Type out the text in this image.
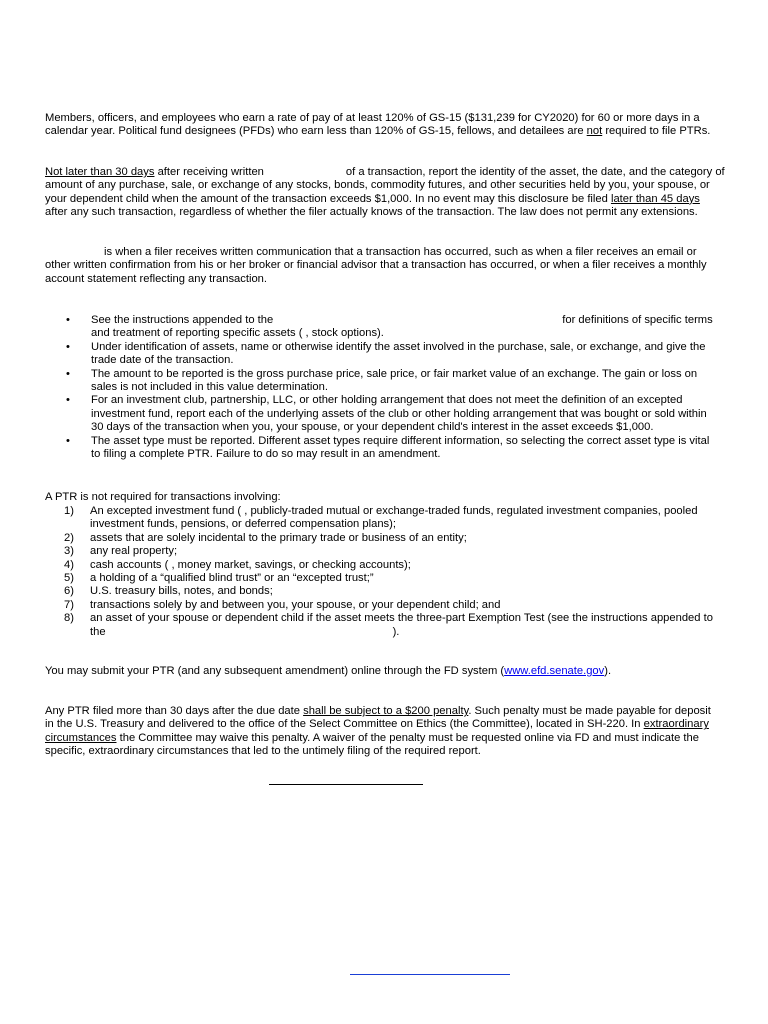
Members, officers, and employees who earn a rate of pay of at least 120% of GS-15 ($131,239 for CY2020) for 60 or more days in a
calendar year. Political fund designees (PFDs) who earn less than 120% of GS-15, fellows, and detailees are not required to file PTRs.

Not later than 30 days after receiving written	of a transaction, report the identity of the asset, the date, and the category of
amount of any purchase, sale, or exchange of any stocks, bonds, commodity futures, and other securities held by you, your spouse, or
your dependent child when the amount of the transaction exceeds $1,000. In no event may this disclosure be filed later than 45 days
after any such transaction, regardless of whether the filer actually knows of the transaction. The law does not permit any extensions.

is when a filer receives written communication that a transaction has occurred, such as when a filer receives an email or
other written confirmation from his or her broker or financial advisor that a transaction has occurred, or when a filer receives a monthly
account statement reflecting any transaction.

•	See the instructions appended to the	for definitions of specific terms
and treatment of reporting specific assets ( , stock options).
•	Under identification of assets, name or otherwise identify the asset involved in the purchase, sale, or exchange, and give the
trade date of the transaction.
•	The amount to be reported is the gross purchase price, sale price, or fair market value of an exchange. The gain or loss on
sales is not included in this value determination.
•	For an investment club, partnership, LLC, or other holding arrangement that does not meet the definition of an excepted
investment fund, report each of the underlying assets of the club or other holding arrangement that was bought or sold within
30 days of the transaction when you, your spouse, or your dependent child's interest in the asset exceeds $1,000.
•	The asset type must be reported. Different asset types require different information, so selecting the correct asset type is vital
to filing a complete PTR. Failure to do so may result in an amendment.

A PTR is not required for transactions involving:

1) An excepted investment fund ( , publicly-traded mutual or exchange-traded funds, regulated investment companies, pooled
investment funds, pensions, or deferred compensation plans);
2) assets that are solely incidental to the primary trade or business of an entity;
3) any real property;
4) cash accounts ( , money market, savings, or checking accounts);
5) a holding of a “qualified blind trust” or an “excepted trust;”
6) U.S. treasury bills, notes, and bonds;
7) transactions solely by and between you, your spouse, or your dependent child; and
8) an asset of your spouse or dependent child if the asset meets the three-part Exemption Test (see the instructions appended to
the	).

You may submit your PTR (and any subsequent amendment) online through the FD system (www.efd.senate.gov).

Any PTR filed more than 30 days after the due date shall be subject to a $200 penalty. Such penalty must be made payable for deposit
in the U.S. Treasury and delivered to the office of the Select Committee on Ethics (the Committee), located in SH-220. In extraordinary
circumstances the Committee may waive this penalty. A waiver of the penalty must be requested online via FD and must indicate the
specific, extraordinary circumstances that led to the untimely filing of the required report.
